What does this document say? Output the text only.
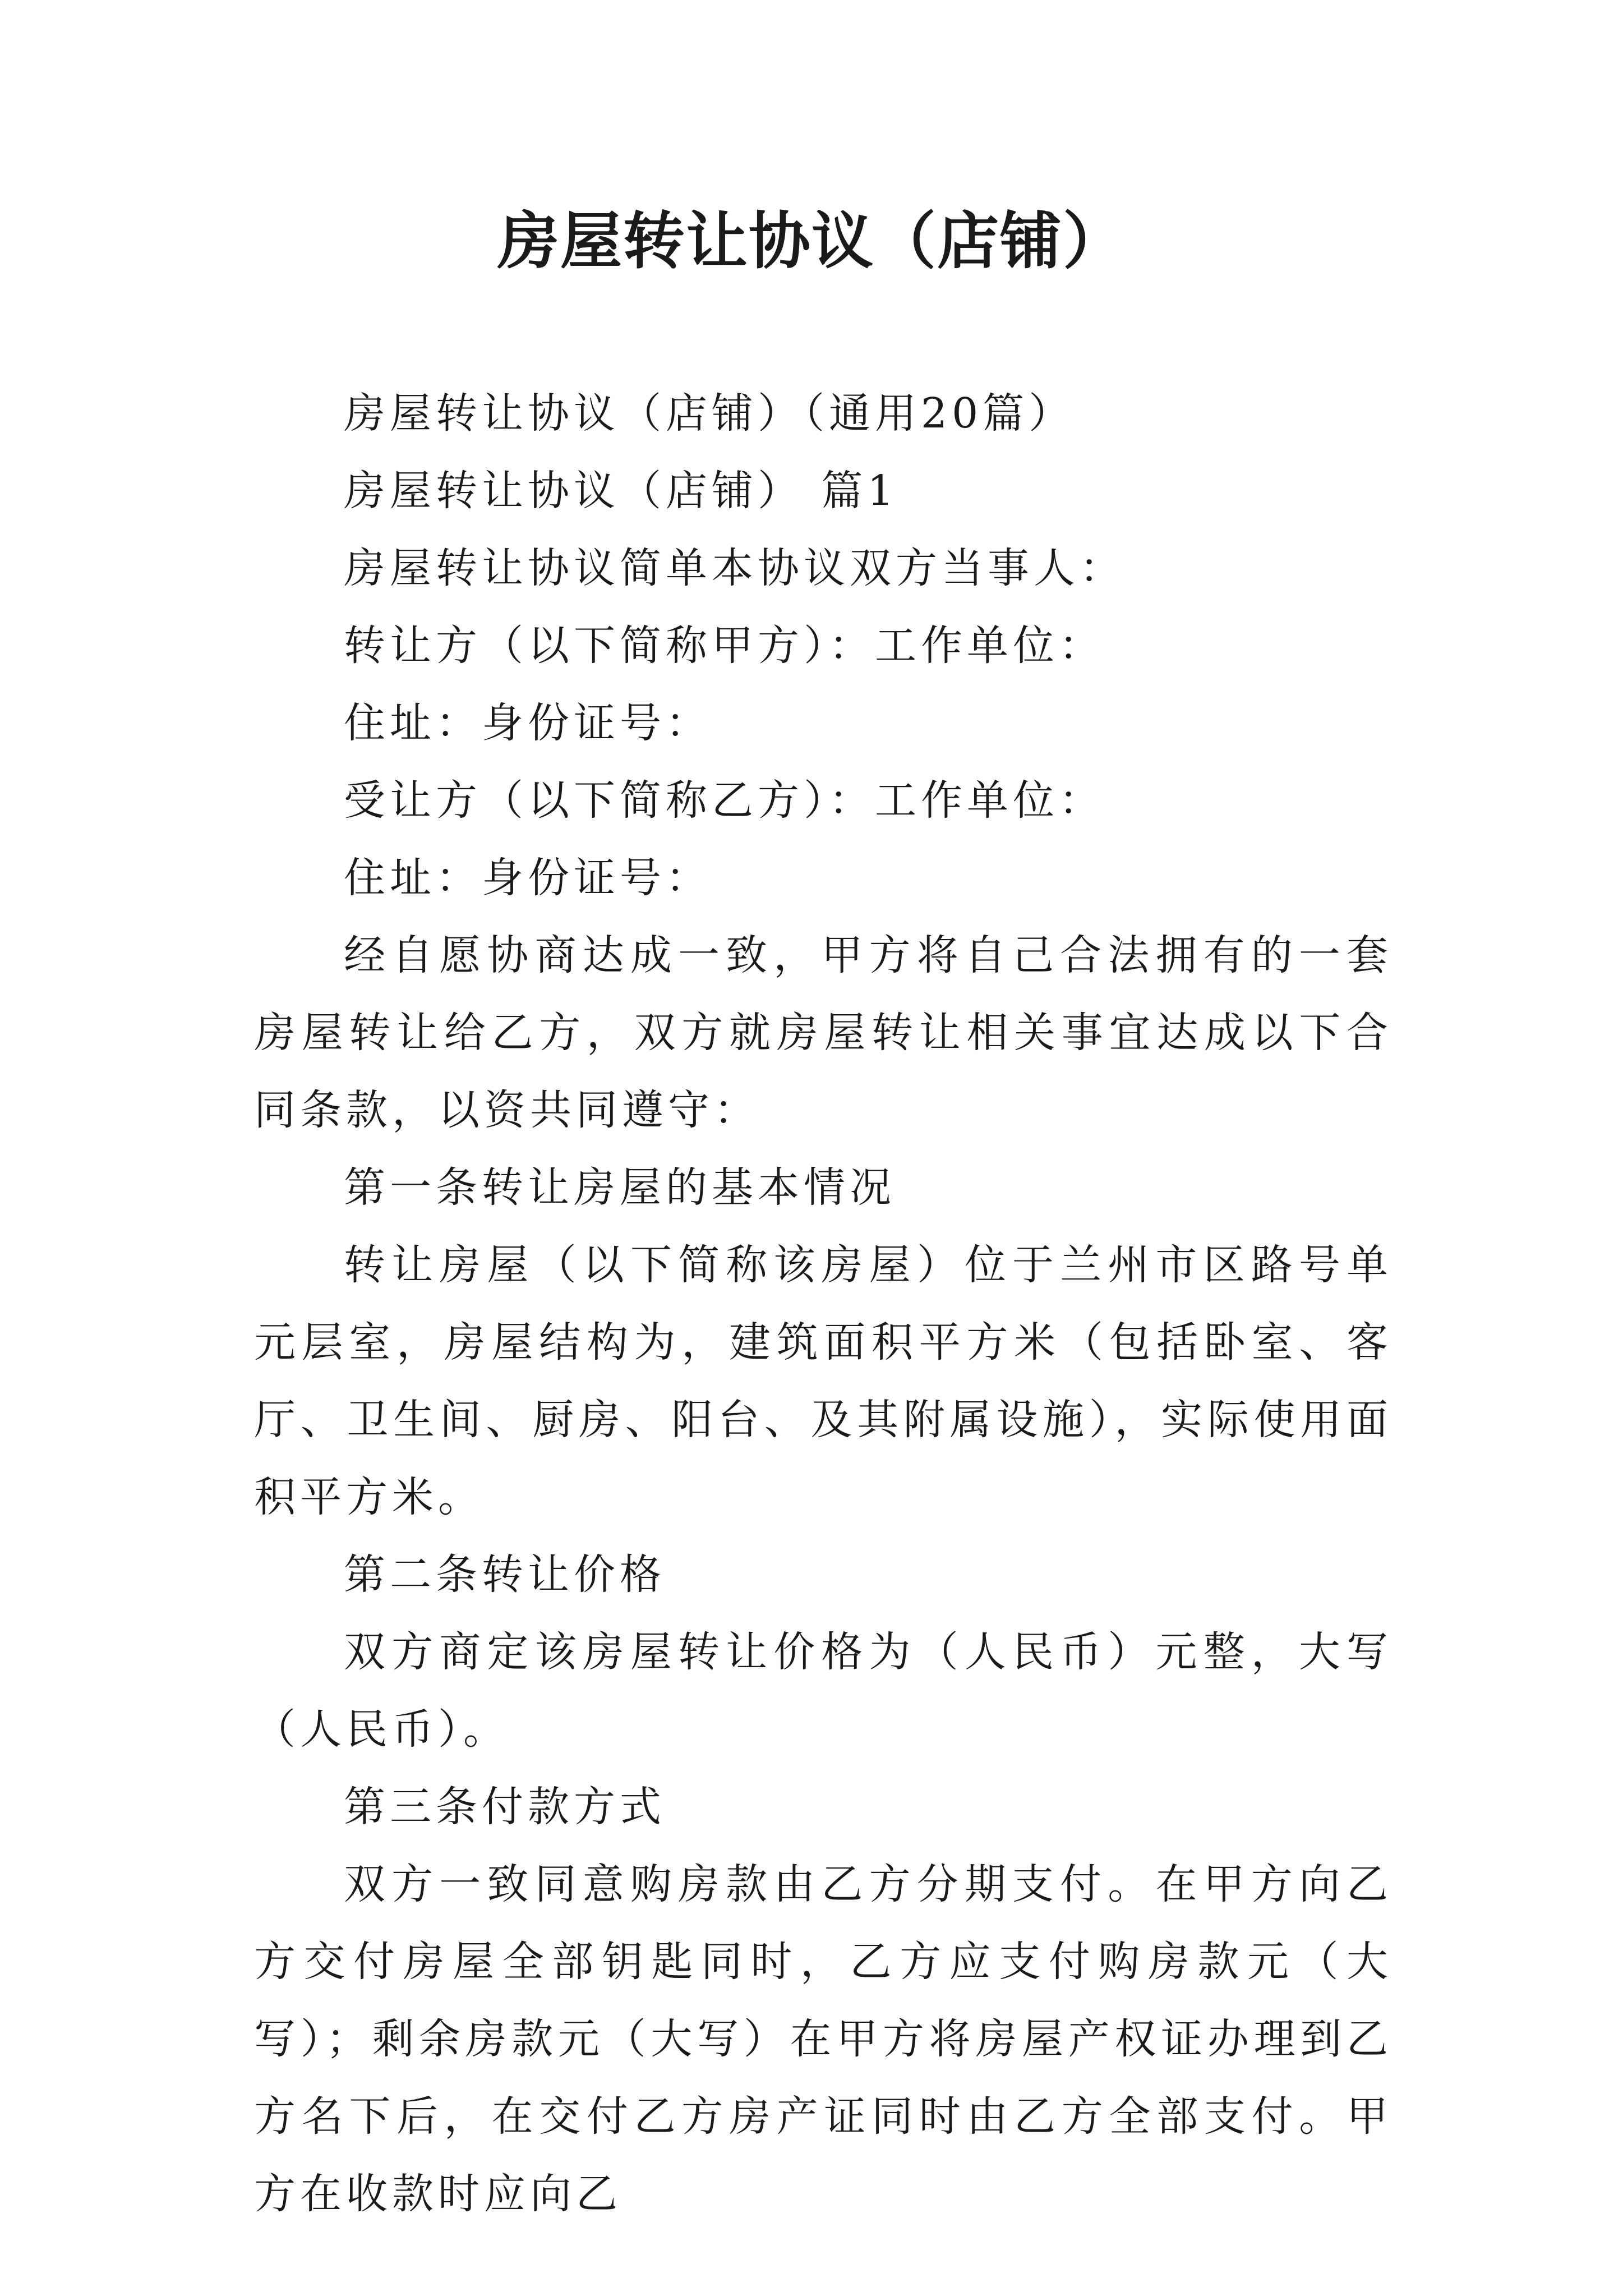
房屋转让协议（店铺）

房屋转让协议（店铺）（通用20篇）

房屋转让协议（店铺） 篇1

房屋转让协议简单本协议双方当事人：

转让方（以下简称甲方）：工作单位：

住址：身份证号：

受让方（以下简称乙方）：工作单位：

住址：身份证号：

经自愿协商达成一致，甲方将自己合法拥有的一套房屋转让给乙方，双方就房屋转让相关事宜达成以下合同条款，以资共同遵守：

第一条转让房屋的基本情况

转让房屋（以下简称该房屋）位于兰州市区路号单元层室，房屋结构为，建筑面积平方米（包括卧室、客厅、卫生间、厨房、阳台、及其附属设施），实际使用面积平方米。

第二条转让价格

双方商定该房屋转让价格为（人民币）元整，大写（人民币）。

第三条付款方式

双方一致同意购房款由乙方分期支付。在甲方向乙方交付房屋全部钥匙同时，乙方应支付购房款元（大写）；剩余房款元（大写）在甲方将房屋产权证办理到乙方名下后，在交付乙方房产证同时由乙方全部支付。甲方在收款时应向乙
